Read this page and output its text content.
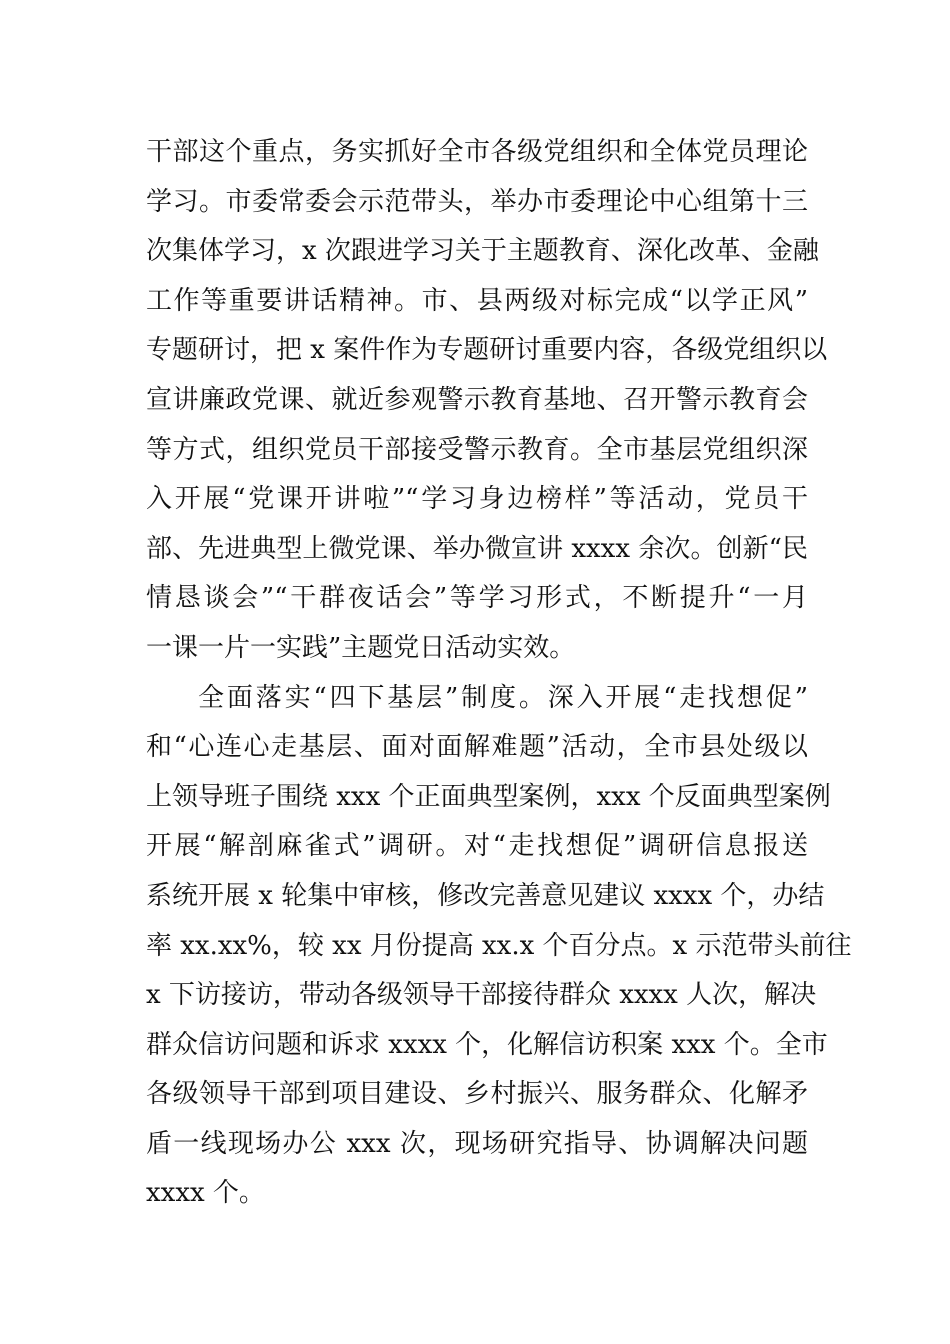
干部这个重点，务实抓好全市各级党组织和全体党员理论
学习。市委常委会示范带头，举办市委理论中心组第十三
次集体学习，x 次跟进学习关于主题教育、深化改革、金融
工作等重要讲话精神。市、县两级对标完成“以学正风”
专题研讨，把 x 案件作为专题研讨重要内容，各级党组织以
宣讲廉政党课、就近参观警示教育基地、召开警示教育会
等方式，组织党员干部接受警示教育。全市基层党组织深
入开展“党课开讲啦”“学习身边榜样”等活动，党员干
部、先进典型上微党课、举办微宣讲 xxxx 余次。创新“民
情恳谈会”“干群夜话会”等学习形式，不断提升“一月
一课一片一实践”主题党日活动实效。
全面落实“四下基层”制度。深入开展“走找想促”
和“心连心走基层、面对面解难题”活动，全市县处级以
上领导班子围绕 xxx 个正面典型案例，xxx 个反面典型案例
开展“解剖麻雀式”调研。对“走找想促”调研信息报送
系统开展 x 轮集中审核，修改完善意见建议 xxxx 个，办结
率 xx.xx%，较 xx 月份提高 xx.x 个百分点。x 示范带头前往
x 下访接访，带动各级领导干部接待群众 xxxx 人次，解决
群众信访问题和诉求 xxxx 个，化解信访积案 xxx 个。全市
各级领导干部到项目建设、乡村振兴、服务群众、化解矛
盾一线现场办公 xxx 次，现场研究指导、协调解决问题
xxxx 个。
